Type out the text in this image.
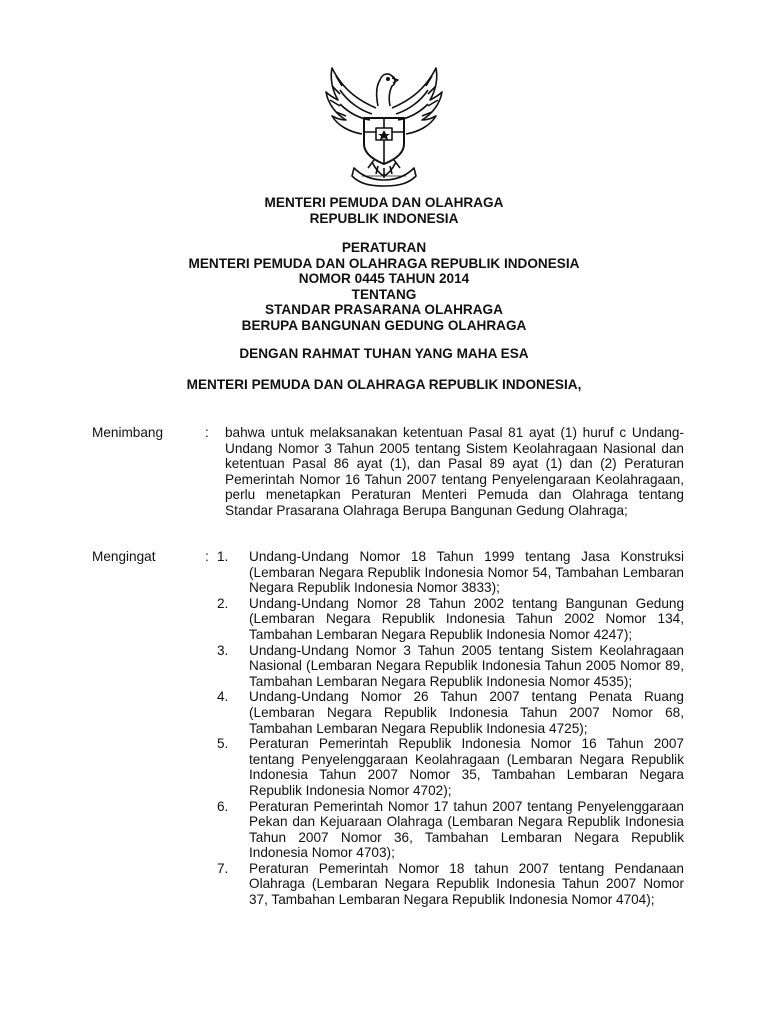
MENTERI PEMUDA DAN OLAHRAGA
REPUBLIK INDONESIA
PERATURAN
MENTERI PEMUDA DAN OLAHRAGA REPUBLIK INDONESIA
NOMOR 0445 TAHUN 2014
TENTANG
STANDAR PRASARANA OLAHRAGA
BERUPA BANGUNAN GEDUNG OLAHRAGA
DENGAN RAHMAT TUHAN YANG MAHA ESA
MENTERI PEMUDA DAN OLAHRAGA REPUBLIK INDONESIA,
Menimbang	: bahwa untuk melaksanakan ketentuan Pasal 81 ayat (1) huruf c Undang-Undang Nomor 3 Tahun 2005 tentang Sistem Keolahragaan Nasional dan ketentuan Pasal 86 ayat (1), dan Pasal 89 ayat (1) dan (2) Peraturan Pemerintah Nomor 16 Tahun 2007 tentang Penyelengaraan Keolahragaan, perlu menetapkan Peraturan Menteri Pemuda dan Olahraga tentang Standar Prasarana Olahraga Berupa Bangunan Gedung Olahraga;
Mengingat	: 1. Undang-Undang Nomor 18 Tahun 1999 tentang Jasa Konstruksi (Lembaran Negara Republik Indonesia Nomor 54, Tambahan Lembaran Negara Republik Indonesia Nomor 3833);
2. Undang-Undang Nomor 28 Tahun 2002 tentang Bangunan Gedung (Lembaran Negara Republik Indonesia Tahun 2002 Nomor 134, Tambahan Lembaran Negara Republik Indonesia Nomor 4247);
3. Undang-Undang Nomor 3 Tahun 2005 tentang Sistem Keolahragaan Nasional (Lembaran Negara Republik Indonesia Tahun 2005 Nomor 89, Tambahan Lembaran Negara Republik Indonesia Nomor 4535);
4. Undang-Undang Nomor 26 Tahun 2007 tentang Penata Ruang (Lembaran Negara Republik Indonesia Tahun 2007 Nomor 68, Tambahan Lembaran Negara Republik Indonesia 4725);
5. Peraturan Pemerintah Republik Indonesia Nomor 16 Tahun 2007 tentang Penyelenggaraan Keolahragaan (Lembaran Negara Republik Indonesia Tahun 2007 Nomor 35, Tambahan Lembaran Negara Republik Indonesia Nomor 4702);
6. Peraturan Pemerintah Nomor 17 tahun 2007 tentang Penyelenggaraan Pekan dan Kejuaraan Olahraga (Lembaran Negara Republik Indonesia Tahun 2007 Nomor 36, Tambahan Lembaran Negara Republik Indonesia Nomor 4703);
7. Peraturan Pemerintah Nomor 18 tahun 2007 tentang Pendanaan Olahraga (Lembaran Negara Republik Indonesia Tahun 2007 Nomor 37, Tambahan Lembaran Negara Republik Indonesia Nomor 4704);
